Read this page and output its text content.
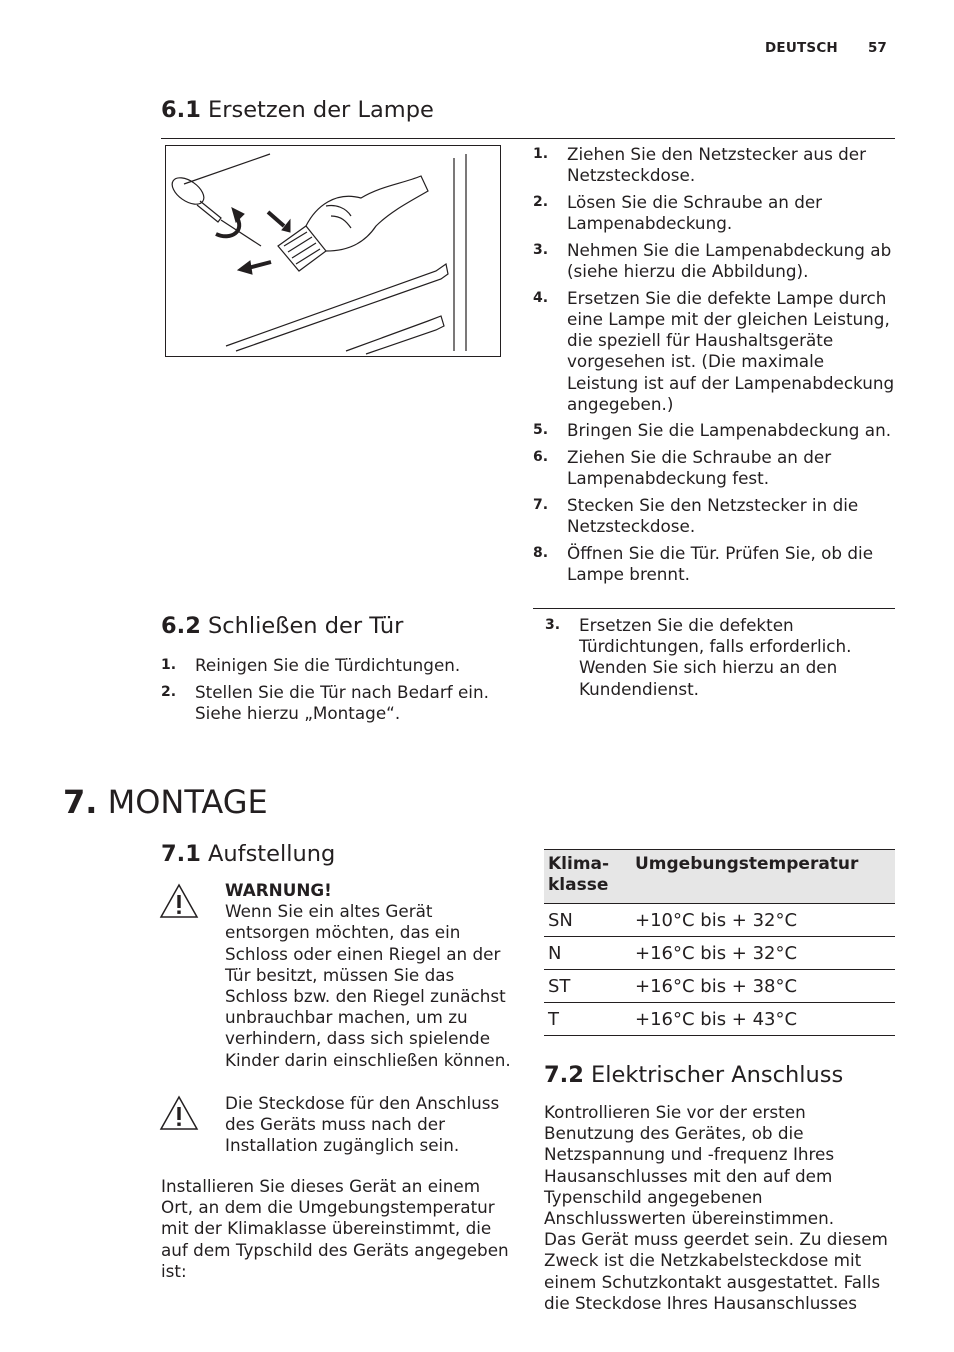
DEUTSCH 57
6.1 Ersetzen der Lampe
1. Ziehen Sie den Netzstecker aus der Netzsteckdose.
2. Lösen Sie die Schraube an der Lampenabdeckung.
3. Nehmen Sie die Lampenabdeckung ab (siehe hierzu die Abbildung).
4. Ersetzen Sie die defekte Lampe durch eine Lampe mit der gleichen Leistung, die speziell für Haushaltsgeräte vorgesehen ist. (Die maximale Leistung ist auf der Lampenabdeckung angegeben.)
5. Bringen Sie die Lampenabdeckung an.
6. Ziehen Sie die Schraube an der Lampenabdeckung fest.
7. Stecken Sie den Netzstecker in die Netzsteckdose.
8. Öffnen Sie die Tür. Prüfen Sie, ob die Lampe brennt.
6.2 Schließen der Tür
1. Reinigen Sie die Türdichtungen.
2. Stellen Sie die Tür nach Bedarf ein. Siehe hierzu „Montage“.
3. Ersetzen Sie die defekten Türdichtungen, falls erforderlich. Wenden Sie sich hierzu an den Kundendienst.
7. MONTAGE
7.1 Aufstellung
WARNUNG!
Wenn Sie ein altes Gerät entsorgen möchten, das ein Schloss oder einen Riegel an der Tür besitzt, müssen Sie das Schloss bzw. den Riegel zunächst unbrauchbar machen, um zu verhindern, dass sich spielende Kinder darin einschließen können.
Die Steckdose für den Anschluss des Geräts muss nach der Installation zugänglich sein.
Installieren Sie dieses Gerät an einem Ort, an dem die Umgebungstemperatur mit der Klimaklasse übereinstimmt, die auf dem Typschild des Geräts angegeben ist:
Klima-klasse	Umgebungstemperatur
SN	+10°C bis + 32°C
N	+16°C bis + 32°C
ST	+16°C bis + 38°C
T	+16°C bis + 43°C
7.2 Elektrischer Anschluss
Kontrollieren Sie vor der ersten Benutzung des Gerätes, ob die Netzspannung und -frequenz Ihres Hausanschlusses mit den auf dem Typenschild angegebenen Anschlusswerten übereinstimmen.
Das Gerät muss geerdet sein. Zu diesem Zweck ist die Netzkabelsteckdose mit einem Schutzkontakt ausgestattet. Falls die Steckdose Ihres Hausanschlusses
